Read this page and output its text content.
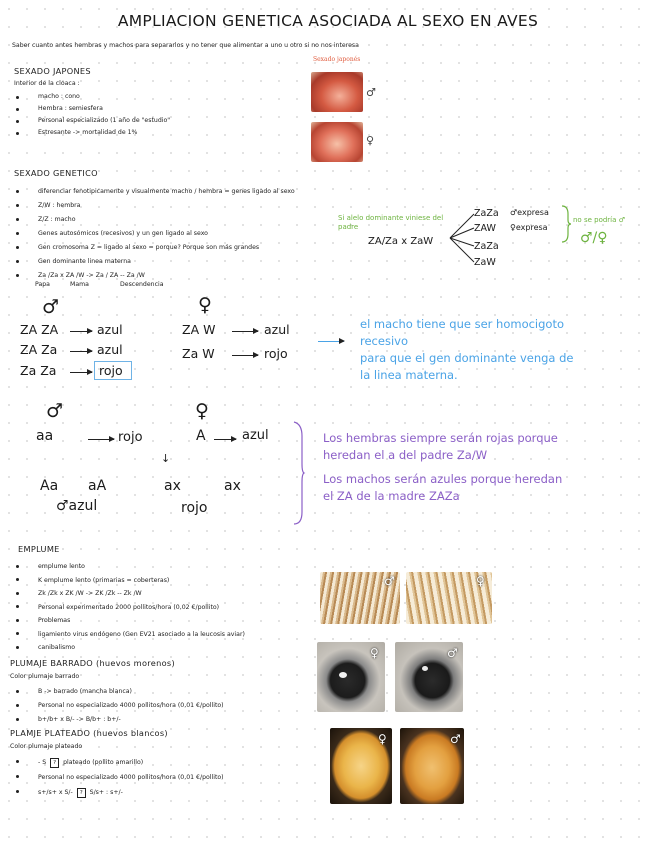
AMPLIACION GENETICA ASOCIADA AL SEXO EN AVES
Saber cuanto antes hembras y machos para separarlos y no tener que alimentar a uno u otro si no nos interesa
SEXADO JAPONES
Interior de la cloaca :
macho : cono
Hembra : semiesfera
Personal especializado (1 año de "estudio"
Estresante -> mortalidad de 1%
Sexado japonés
♂
♀
SEXADO GENETICO
diferenciar fenotipicamente y visualmente macho / hembra = genes ligado al sexo
Z/W : hembra
Z/Z : macho
Genes autosómicos (recesivos) y un gen ligado al sexo
Gen cromosoma Z = ligado al sexo = porque? Porque son más grandes
Gen dominante linea materna
Za /Za x ZA /W -> Za / ZA -- Za /W
Papa	Mama	Descendencia
Si alelo dominante viniese del padre
ZA/Za x ZaW
ZaZa
ZAW
ZaZa
ZaW
♂expresa
♀expresa
no se podría ♂
♂/♀
♂	♀
ZA ZA	azul
ZA Za	azul
Za Za	rojo
ZA W	azul
Za W	rojo
el macho tiene que ser homocigoto
recesivo
para que el gen dominante venga de
la linea materna.
♂	♀
aa	rojo	A	azul
↓
Aa aA	ax	ax
♂azul	rojo
Los hembras siempre serán rojas porque
heredan el a del padre Za/W
Los machos serán azules porque heredan
el ZA de la madre ZAZa
EMPLUME
emplume lento
K emplume lento (primarias = coberteras)
Zk /Zk x ZK /W -> ZK /Zk -- Zk /W
Personal experimentado 2000 pollitos/hora (0,02 €/pollito)
Problemas
ligamiento virus endógeno (Gen EV21 asociado a la leucosis aviar)
canibalismo
♂	♀
PLUMAJE BARRADO (huevos morenos)
Color plumaje barrado
B -> barrado (mancha blanca)
Personal no especializado 4000 pollitos/hora (0,01 €/pollito)
b+/b+ x B/- -> B/b+ : b+/-
♀	♂
PLAMJE PLATEADO (huevos blancos)
Color plumaje plateado
- S ? plateado (pollito amarillo)
Personal no especializado 4000 pollitos/hora (0,01 €/pollito)
s+/s+ x S/- ? S/s+ : s+/-
♀	♂
